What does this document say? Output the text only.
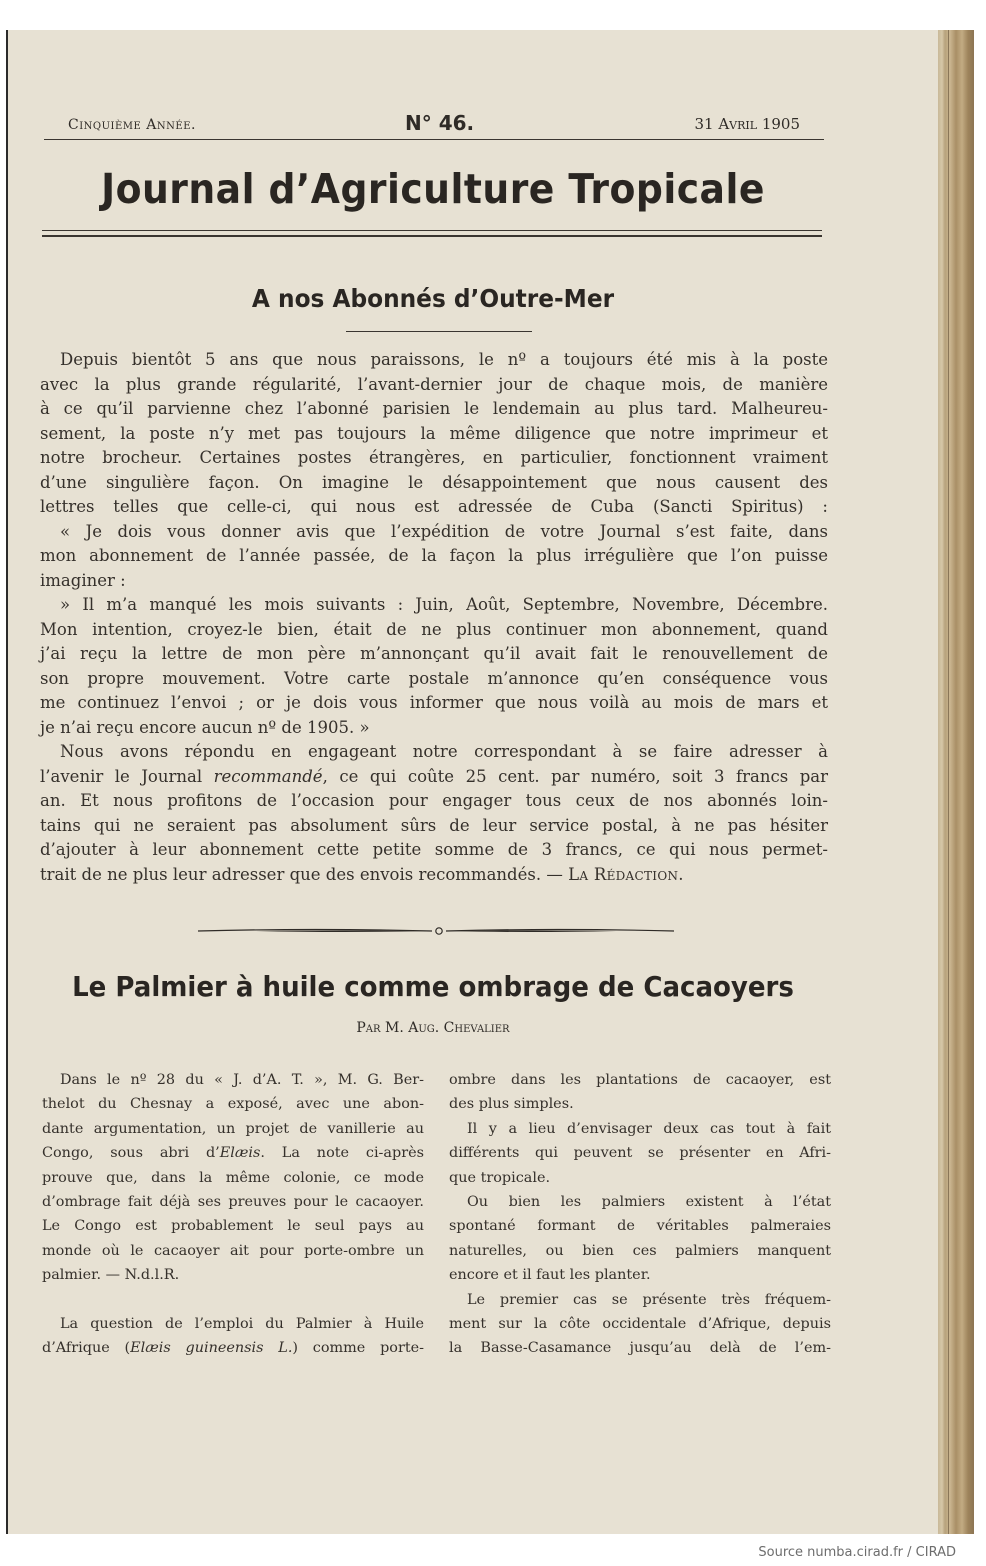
Cinquième Année.	N° 46.	31 Avril 1905
Journal d’Agriculture Tropicale
A nos Abonnés d’Outre-Mer
Depuis bientôt 5 ans que nous paraissons, le nº a toujours été mis à la poste
avec la plus grande régularité, l’avant-dernier jour de chaque mois, de manière
à ce qu’il parvienne chez l’abonné parisien le lendemain au plus tard. Malheureu-
sement, la poste n’y met pas toujours la même diligence que notre imprimeur et
notre brocheur. Certaines postes étrangères, en particulier, fonctionnent vraiment
d’une singulière façon. On imagine le désappointement que nous causent des
lettres telles que celle-ci, qui nous est adressée de Cuba (Sancti Spiritus) :
« Je dois vous donner avis que l’expédition de votre Journal s’est faite, dans
mon abonnement de l’année passée, de la façon la plus irrégulière que l’on puisse
imaginer :
» Il m’a manqué les mois suivants : Juin, Août, Septembre, Novembre, Décembre.
Mon intention, croyez-le bien, était de ne plus continuer mon abonnement, quand
j’ai reçu la lettre de mon père m’annonçant qu’il avait fait le renouvellement de
son propre mouvement. Votre carte postale m’annonce qu’en conséquence vous
me continuez l’envoi ; or je dois vous informer que nous voilà au mois de mars et
je n’ai reçu encore aucun nº de 1905. »
Nous avons répondu en engageant notre correspondant à se faire adresser à
l’avenir le Journal recommandé, ce qui coûte 25 cent. par numéro, soit 3 francs par
an. Et nous profitons de l’occasion pour engager tous ceux de nos abonnés loin-
tains qui ne seraient pas absolument sûrs de leur service postal, à ne pas hésiter
d’ajouter à leur abonnement cette petite somme de 3 francs, ce qui nous permet-
trait de ne plus leur adresser que des envois recommandés. — La Rédaction.
Le Palmier à huile comme ombrage de Cacaoyers
Par M. Aug. Chevalier
Dans le nº 28 du « J. d’A. T. », M. G. Ber-
thelot du Chesnay a exposé, avec une abon-
dante argumentation, un projet de vanillerie au
Congo, sous abri d’Elæis. La note ci-après
prouve que, dans la même colonie, ce mode
d’ombrage fait déjà ses preuves pour le cacaoyer.
Le Congo est probablement le seul pays au
monde où le cacaoyer ait pour porte-ombre un
palmier. — N.d.l.R.
La question de l’emploi du Palmier à Huile
d’Afrique (Elæis guineensis L.) comme porte-
ombre dans les plantations de cacaoyer, est
des plus simples.
Il y a lieu d’envisager deux cas tout à fait
différents qui peuvent se présenter en Afri-
que tropicale.
Ou bien les palmiers existent à l’état
spontané formant de véritables palmeraies
naturelles, ou bien ces palmiers manquent
encore et il faut les planter.
Le premier cas se présente très fréquem-
ment sur la côte occidentale d’Afrique, depuis
la Basse-Casamance jusqu’au delà de l’em-
Source numba.cirad.fr / CIRAD
